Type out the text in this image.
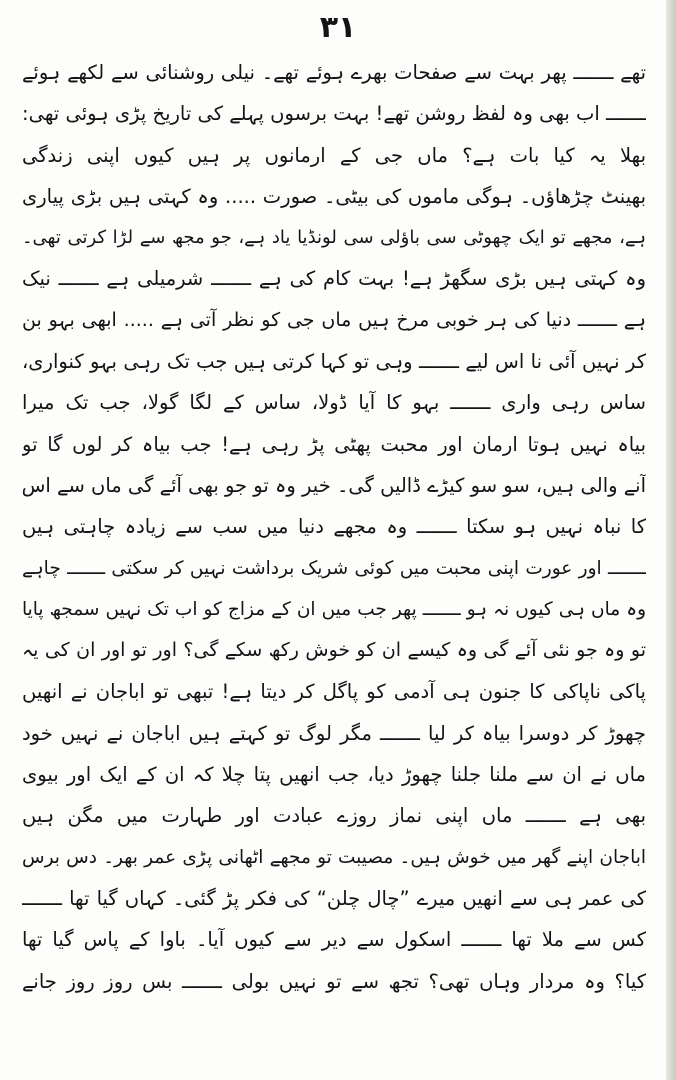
۳۱
تھے ـــــــ پھر بہت سے صفحات بھرے ہوئے تھے۔ نیلی روشنائی سے لکھے ہوئے
ـــــــ اب بھی وہ لفظ روشن تھے! بہت برسوں پہلے کی تاریخ پڑی ہوئی تھی:
بھلا یہ کیا بات ہے؟ ماں جی کے ارمانوں پر ہیں کیوں اپنی زندگی
بھینٹ چڑھاؤں۔ ہوگی ماموں کی بیٹی۔ صورت ..... وہ کہتی ہیں بڑی پیاری
ہے، مجھے تو ایک چھوٹی سی باؤلی سی لونڈیا یاد ہے، جو مجھ سے لڑا کرتی تھی۔
وہ کہتی ہیں بڑی سگھڑ ہے! بہت کام کی ہے ـــــــ شرمیلی ہے ـــــــ نیک
ہے ـــــــ دنیا کی ہر خوبی مرخ ہیں ماں جی کو نظر آتی ہے ..... ابھی بہو بن
کر نہیں آئی نا اس لیے ـــــــ وہی تو کہا کرتی ہیں جب تک رہی بہو کنواری،
ساس رہی واری ـــــــ بہو کا آیا ڈولا، ساس کے لگا گولا، جب تک میرا
بیاہ نہیں ہوتا ارمان اور محبت پھٹی پڑ رہی ہے! جب بیاہ کر لوں گا تو
آنے والی ہیں، سو سو کیڑے ڈالیں گی۔ خیر وہ تو جو بھی آئے گی ماں سے اس
کا نباہ نہیں ہو سکتا ـــــــ وہ مجھے دنیا میں سب سے زیادہ چاہتی ہیں
ـــــــ اور عورت اپنی محبت میں کوئی شریک برداشت نہیں کر سکتی ـــــــ چاہے
وہ ماں ہی کیوں نہ ہو ـــــــ پھر جب میں ان کے مزاج کو اب تک نہیں سمجھ پایا
تو وہ جو نئی آئے گی وہ کیسے ان کو خوش رکھ سکے گی؟ اور تو اور ان کی یہ
پاکی ناپاکی کا جنون ہی آدمی کو پاگل کر دیتا ہے! تبھی تو اباجان نے انھیں
چھوڑ کر دوسرا بیاہ کر لیا ـــــــ مگر لوگ تو کہتے ہیں اباجان نے نہیں خود
ماں نے ان سے ملنا جلنا چھوڑ دیا، جب انھیں پتا چلا کہ ان کے ایک اور بیوی
بھی ہے ـــــــ ماں اپنی نماز روزے عبادت اور طہارت میں مگن ہیں
اباجان اپنے گھر میں خوش ہیں۔ مصیبت تو مجھے اٹھانی پڑی عمر بھر۔ دس برس
کی عمر ہی سے انھیں میرے ”چال چلن“ کی فکر پڑ گئی۔ کہاں گیا تھا ـــــــ
کس سے ملا تھا ـــــــ اسکول سے دیر سے کیوں آیا۔ باوا کے پاس گیا تھا
کیا؟ وہ مردار وہاں تھی؟ تجھ سے تو نہیں بولی ـــــــ بس روز روز جانے
